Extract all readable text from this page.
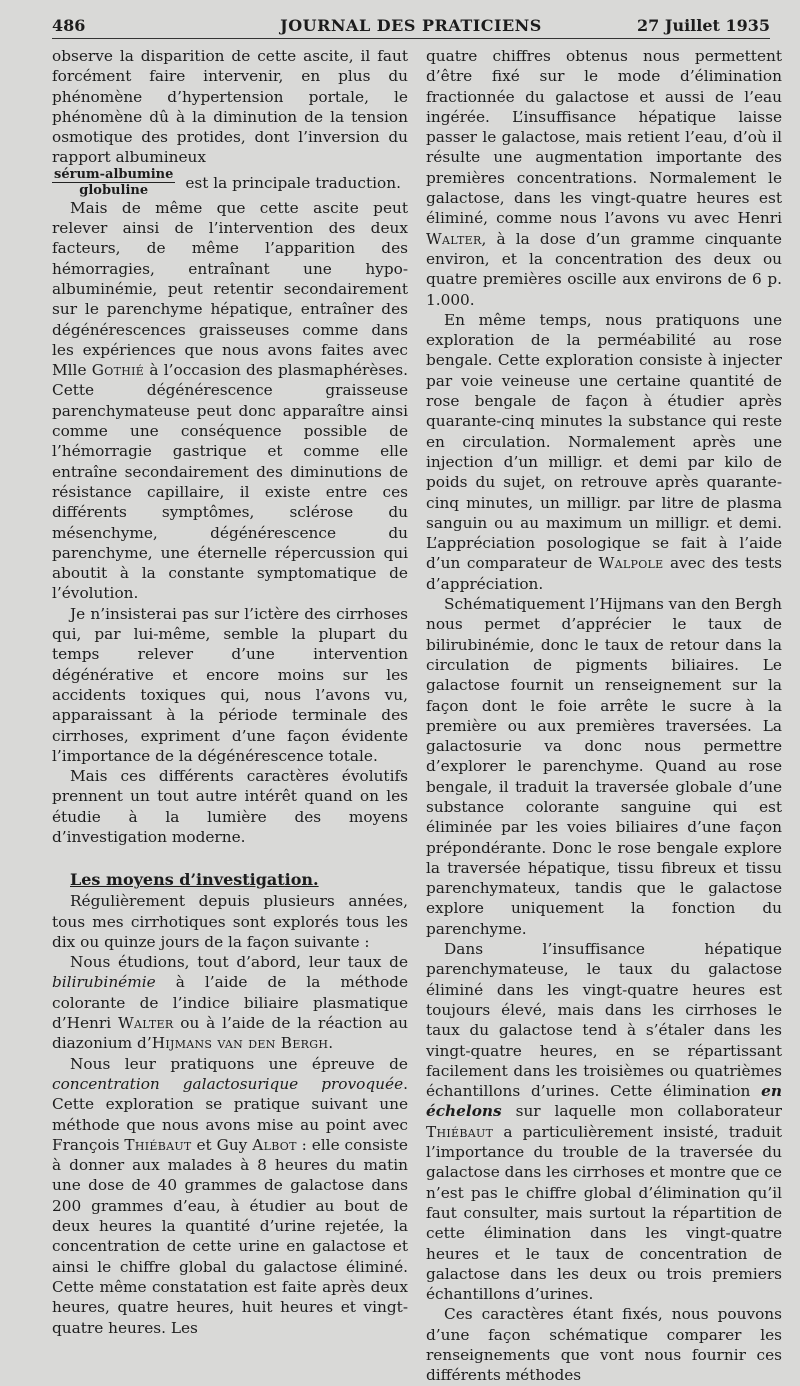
486	JOURNAL DES PRATICIENS	27 Juillet 1935

observe la disparition de cette ascite, il faut forcément faire intervenir, en plus du phénomène d’hypertension portale, le phénomène dû à la diminution de la tension osmotique des protides, dont l’inversion du rapport albumineux

$\frac{\text{sérum-albumine}}{\text{globuline}}$ est la principale traduction.

Mais de même que cette ascite peut relever ainsi de l’intervention des deux facteurs, de même l’apparition des hémorragies, entraînant une hypoalbuminémie, peut retentir secondairement sur le parenchyme hépatique, entraîner des dégénérescences graisseuses comme dans les expériences que nous avons faites avec Mlle Gothié à l’occasion des plasmaphérèses. Cette dégénérescence graisseuse parenchymateuse peut donc apparaître ainsi comme une conséquence possible de l’hémorragie gastrique et comme elle entraîne secondairement des diminutions de résistance capillaire, il existe entre ces différents symptômes, sclérose du mésenchyme, dégénérescence du parenchyme, une éternelle répercussion qui aboutit à la constante symptomatique de l’évolution.

Je n’insisterai pas sur l’ictère des cirrhoses qui, par lui-même, semble la plupart du temps relever d’une intervention dégénérative et encore moins sur les accidents toxiques qui, nous l’avons vu, apparaissant à la période terminale des cirrhoses, expriment d’une façon évidente l’importance de la dégénérescence totale.

Mais ces différents caractères évolutifs prennent un tout autre intérêt quand on les étudie à la lumière des moyens d’investigation moderne.

Les moyens d’investigation.

Régulièrement depuis plusieurs années, tous mes cirrhotiques sont explorés tous les dix ou quinze jours de la façon suivante :

Nous étudions, tout d’abord, leur taux de bilirubinémie à l’aide de la méthode colorante de l’indice biliaire plasmatique d’Henri Walter ou à l’aide de la réaction au diazonium d’Hijmans van den Bergh.

Nous leur pratiquons une épreuve de concentration galactosurique provoquée. Cette exploration se pratique suivant une méthode que nous avons mise au point avec François Thiébaut et Guy Albot : elle consiste à donner aux malades à 8 heures du matin une dose de 40 grammes de galactose dans 200 grammes d’eau, à étudier au bout de deux heures la quantité d’urine rejetée, la concentration de cette urine en galactose et ainsi le chiffre global du galactose éliminé. Cette même constatation est faite après deux heures, quatre heures, huit heures et vingt-quatre heures. Les

quatre chiffres obtenus nous permettent d’être fixé sur le mode d’élimination fractionnée du galactose et aussi de l’eau ingérée. L’insuffisance hépatique laisse passer le galactose, mais retient l’eau, d’où il résulte une augmentation importante des premières concentrations. Normalement le galactose, dans les vingt-quatre heures est éliminé, comme nous l’avons vu avec Henri Walter, à la dose d’un gramme cinquante environ, et la concentration des deux ou quatre premières oscille aux environs de 6 p. 1.000.

En même temps, nous pratiquons une exploration de la perméabilité au rose bengale. Cette exploration consiste à injecter par voie veineuse une certaine quantité de rose bengale de façon à étudier après quarante-cinq minutes la substance qui reste en circulation. Normalement après une injection d’un milligr. et demi par kilo de poids du sujet, on retrouve après quarante-cinq minutes, un milligr. par litre de plasma sanguin ou au maximum un milligr. et demi. L’appréciation posologique se fait à l’aide d’un comparateur de Walpole avec des tests d’appréciation.

Schématiquement l’Hijmans van den Bergh nous permet d’apprécier le taux de bilirubinémie, donc le taux de retour dans la circulation de pigments biliaires. Le galactose fournit un renseignement sur la façon dont le foie arrête le sucre à la première ou aux premières traversées. La galactosurie va donc nous permettre d’explorer le parenchyme. Quand au rose bengale, il traduit la traversée globale d’une substance colorante sanguine qui est éliminée par les voies biliaires d’une façon prépondérante. Donc le rose bengale explore la traversée hépatique, tissu fibreux et tissu parenchymateux, tandis que le galactose explore uniquement la fonction du parenchyme.

Dans l’insuffisance hépatique parenchymateuse, le taux du galactose éliminé dans les vingt-quatre heures est toujours élevé, mais dans les cirrhoses le taux du galactose tend à s’étaler dans les vingt-quatre heures, en se répartissant facilement dans les troisièmes ou quatrièmes échantillons d’urines. Cette élimination en échelons sur laquelle mon collaborateur Thiébaut a particulièrement insisté, traduit l’importance du trouble de la traversée du galactose dans les cirrhoses et montre que ce n’est pas le chiffre global d’élimination qu’il faut consulter, mais surtout la répartition de cette élimination dans les vingt-quatre heures et le taux de concentration de galactose dans les deux ou trois premiers échantillons d’urines.

Ces caractères étant fixés, nous pouvons d’une façon schématique comparer les renseignements que vont nous fournir ces différents méthodes
